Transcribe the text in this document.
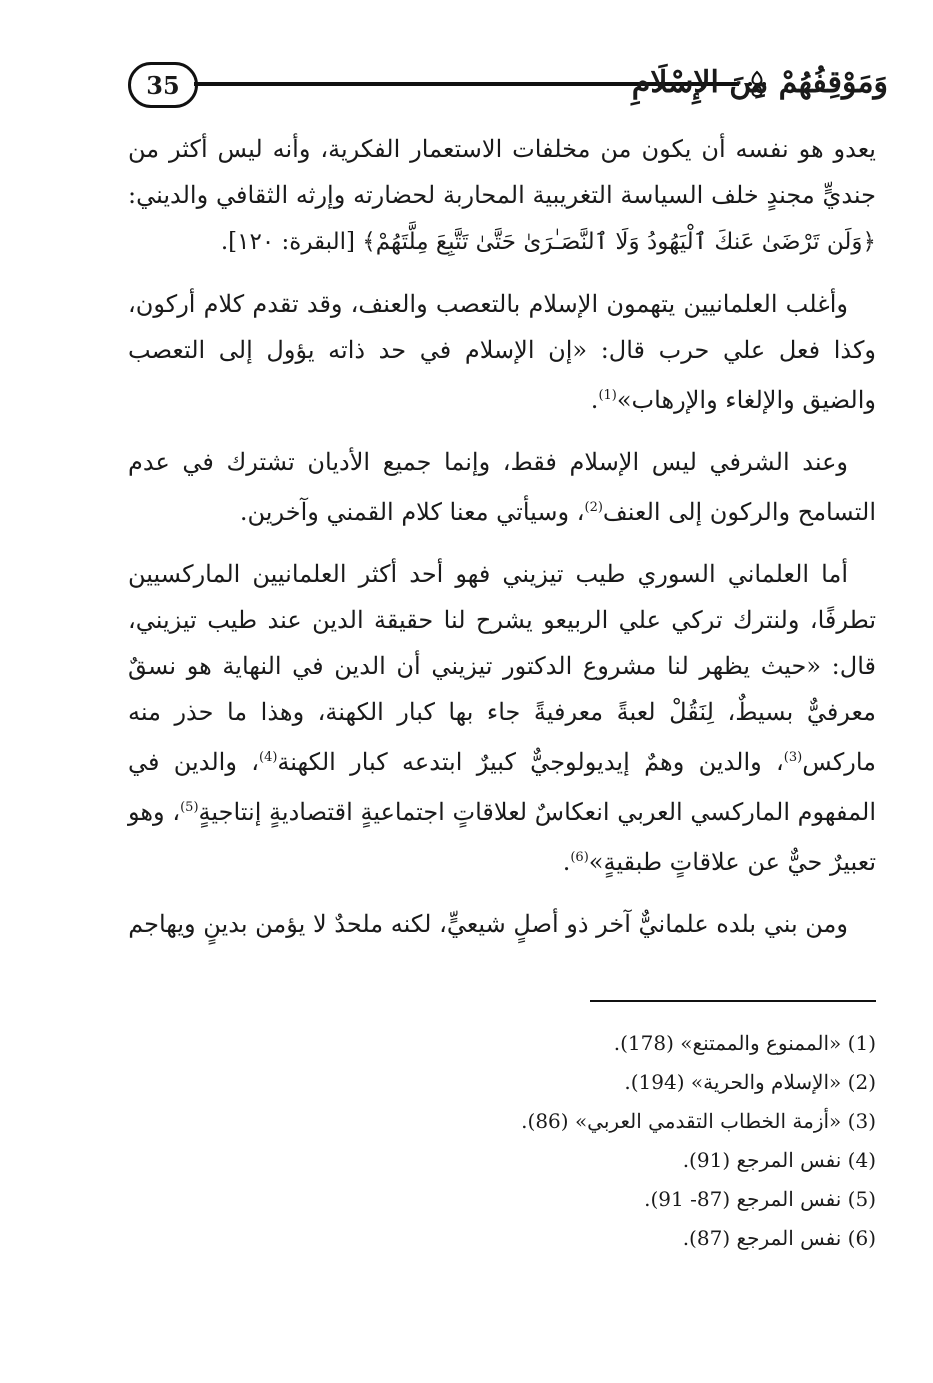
35	وَمَوْقِفُهُمْ مِنَ الإِسْلَامِ

يعدو هو نفسه أن يكون من مخلفات الاستعمار الفكرية، وأنه ليس أكثر من جنديٍّ مجندٍ خلف السياسة التغريبية المحاربة لحضارته وإرثه الثقافي والديني: ﴿وَلَن تَرْضَىٰ عَنكَ ٱلْيَهُودُ وَلَا ٱلنَّصَـٰرَىٰ حَتَّىٰ تَتَّبِعَ مِلَّتَهُمْ﴾ [البقرة: ١٢٠].

وأغلب العلمانيين يتهمون الإسلام بالتعصب والعنف، وقد تقدم كلام أركون، وكذا فعل علي حرب قال: «إن الإسلام في حد ذاته يؤول إلى التعصب والضيق والإلغاء والإرهاب»$^{(1)}$.

وعند الشرفي ليس الإسلام فقط، وإنما جميع الأديان تشترك في عدم التسامح والركون إلى العنف$^{(2)}$، وسيأتي معنا كلام القمني وآخرين.

أما العلماني السوري طيب تيزيني فهو أحد أكثر العلمانيين الماركسيين تطرفًا، ولنترك تركي علي الربيعو يشرح لنا حقيقة الدين عند طيب تيزيني، قال: «حيث يظهر لنا مشروع الدكتور تيزيني أن الدين في النهاية هو نسقٌ معرفيٌّ بسيطٌ، لِنَقُلْ لعبةً معرفيةً جاء بها كبار الكهنة، وهذا ما حذر منه ماركس$^{(3)}$، والدين وهمٌ إيديولوجيٌّ كبيرٌ ابتدعه كبار الكهنة$^{(4)}$، والدين في المفهوم الماركسي العربي انعكاسٌ لعلاقاتٍ اجتماعيةٍ اقتصاديةٍ إنتاجيةٍ$^{(5)}$، وهو تعبيرٌ حيٌّ عن علاقاتٍ طبقيةٍ»$^{(6)}$.

ومن بني بلده علمانيٌّ آخر ذو أصلٍ شيعيٍّ، لكنه ملحدٌ لا يؤمن بدينٍ ويهاجم

(1) «الممنوع والممتنع» (178).
(2) «الإسلام والحرية» (194).
(3) «أزمة الخطاب التقدمي العربي» (86).
(4) نفس المرجع (91).
(5) نفس المرجع (87- 91).
(6) نفس المرجع (87).
